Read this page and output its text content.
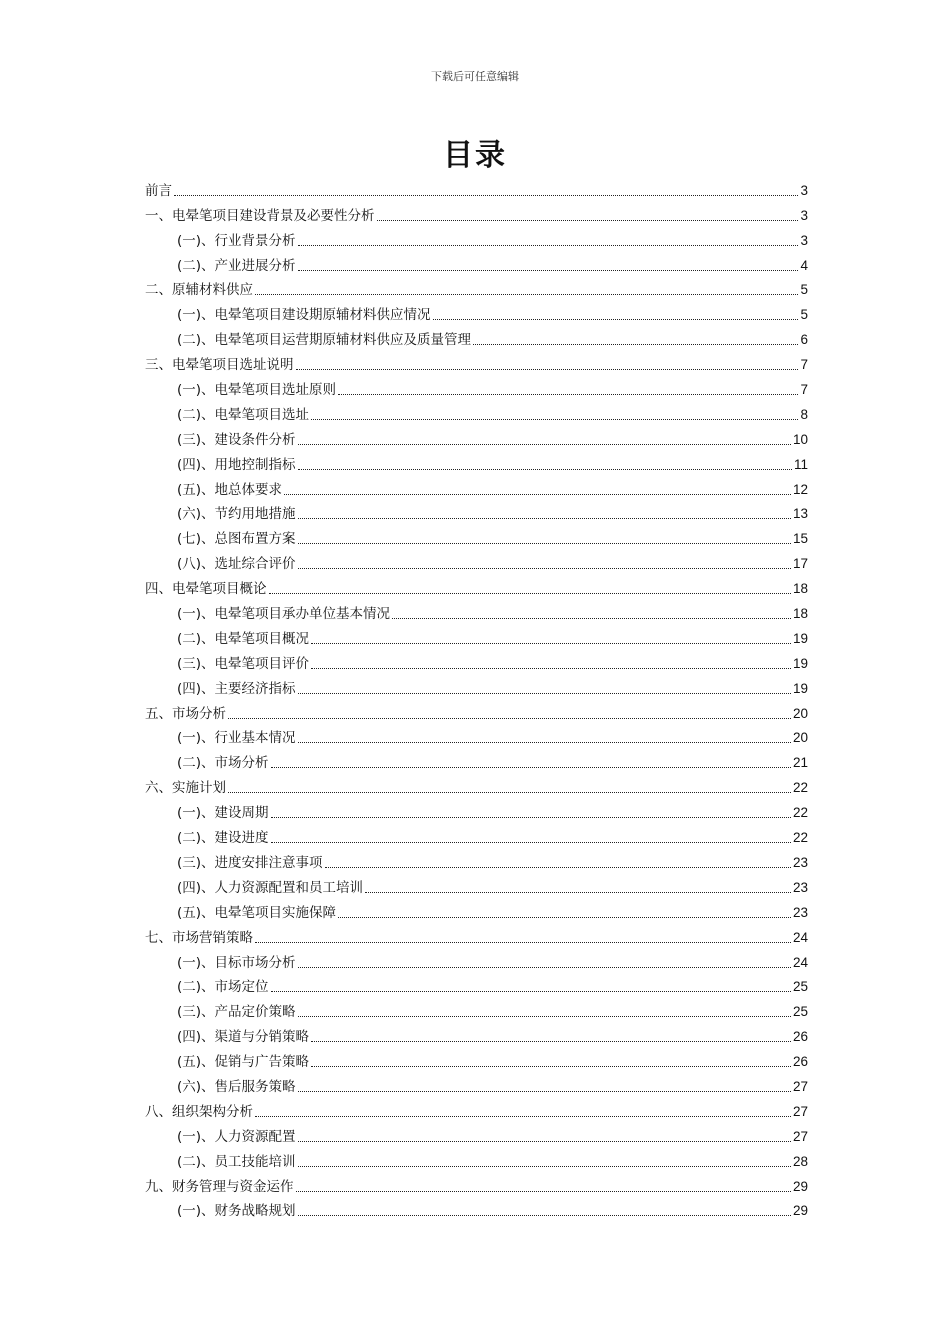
下载后可任意编辑
目录
前言	3
一、电晕笔项目建设背景及必要性分析	3
(一)、行业背景分析	3
(二)、产业进展分析	4
二、原辅材料供应	5
(一)、电晕笔项目建设期原辅材料供应情况	5
(二)、电晕笔项目运营期原辅材料供应及质量管理	6
三、电晕笔项目选址说明	7
(一)、电晕笔项目选址原则	7
(二)、电晕笔项目选址	8
(三)、建设条件分析	10
(四)、用地控制指标	11
(五)、地总体要求	12
(六)、节约用地措施	13
(七)、总图布置方案	15
(八)、选址综合评价	17
四、电晕笔项目概论	18
(一)、电晕笔项目承办单位基本情况	18
(二)、电晕笔项目概况	19
(三)、电晕笔项目评价	19
(四)、主要经济指标	19
五、市场分析	20
(一)、行业基本情况	20
(二)、市场分析	21
六、实施计划	22
(一)、建设周期	22
(二)、建设进度	22
(三)、进度安排注意事项	23
(四)、人力资源配置和员工培训	23
(五)、电晕笔项目实施保障	23
七、市场营销策略	24
(一)、目标市场分析	24
(二)、市场定位	25
(三)、产品定价策略	25
(四)、渠道与分销策略	26
(五)、促销与广告策略	26
(六)、售后服务策略	27
八、组织架构分析	27
(一)、人力资源配置	27
(二)、员工技能培训	28
九、财务管理与资金运作	29
(一)、财务战略规划	29
